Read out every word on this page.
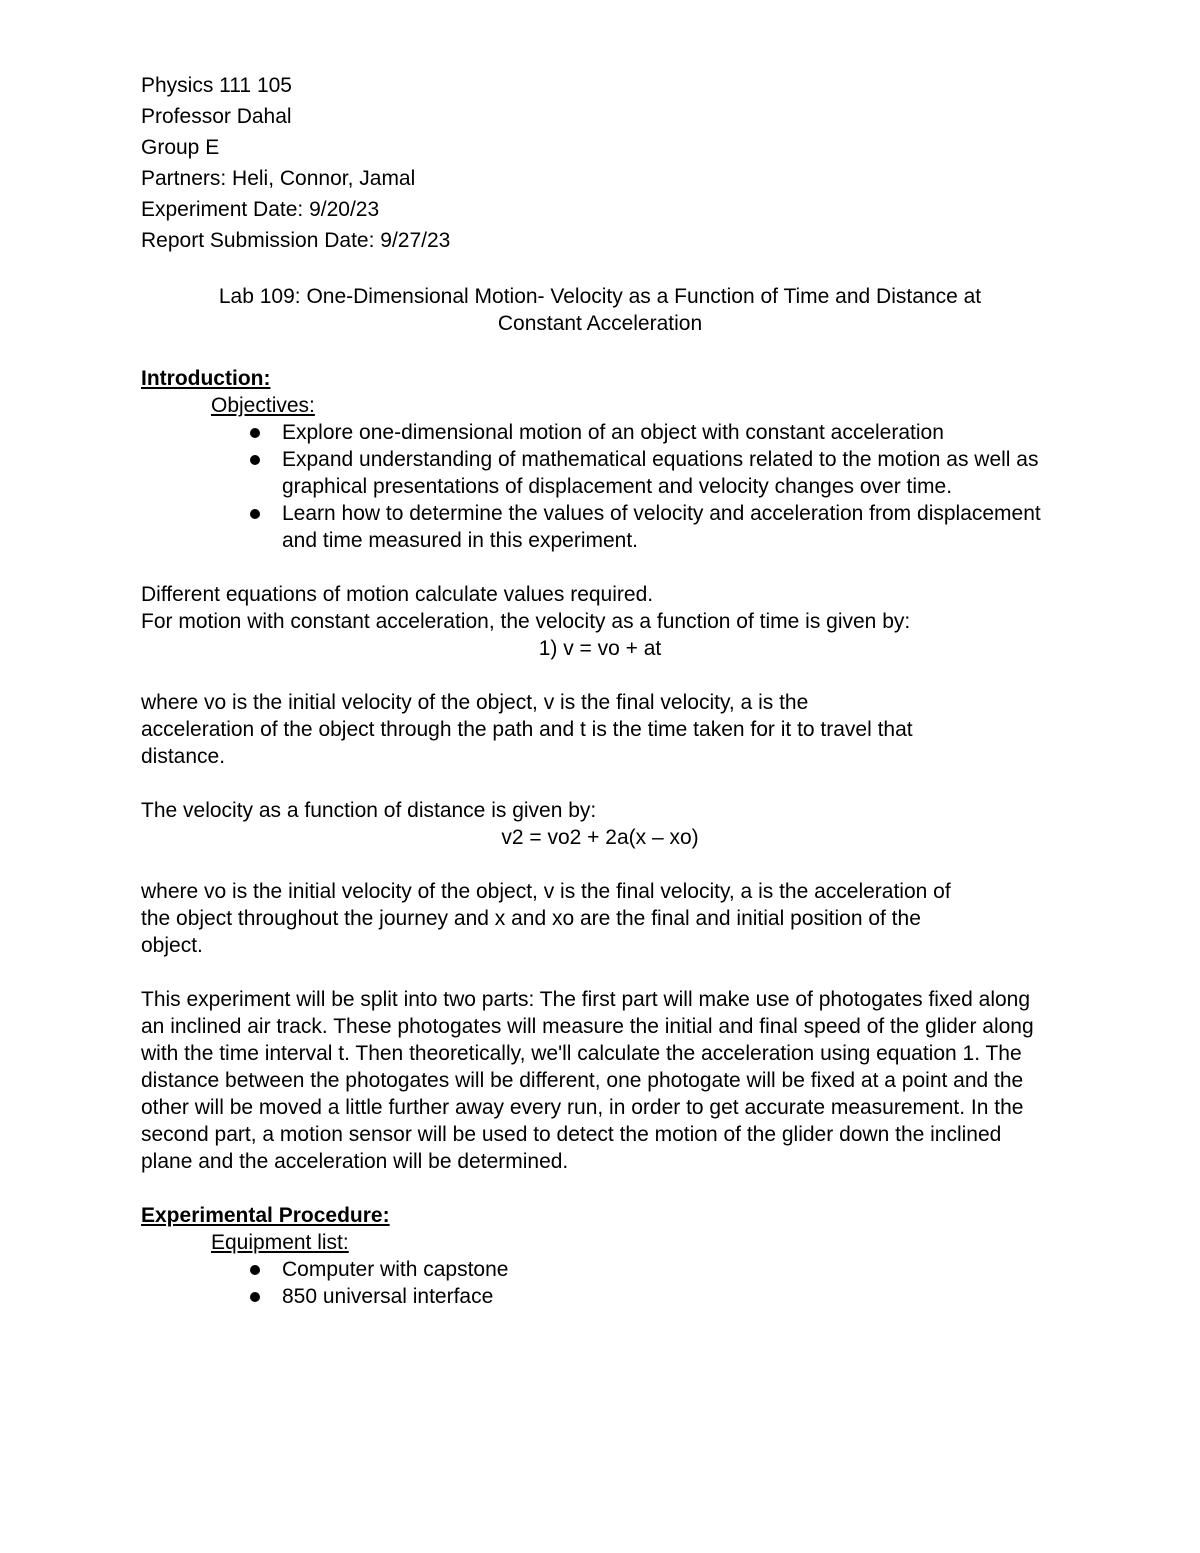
Physics 111 105
Professor Dahal
Group E
Partners: Heli, Connor, Jamal
Experiment Date: 9/20/23
Report Submission Date: 9/27/23
Lab 109: One-Dimensional Motion- Velocity as a Function of Time and Distance at
Constant Acceleration
Introduction:
Objectives:
Explore one-dimensional motion of an object with constant acceleration
Expand understanding of mathematical equations related to the motion as well as graphical presentations of displacement and velocity changes over time.
Learn how to determine the values of velocity and acceleration from displacement and time measured in this experiment.
Different equations of motion calculate values required.
For motion with constant acceleration, the velocity as a function of time is given by:
1) v = vo + at
where vo is the initial velocity of the object, v is the final velocity, a is the acceleration of the object through the path and t is the time taken for it to travel that distance.
The velocity as a function of distance is given by:
v2 = vo2 + 2a(x – xo)
where vo is the initial velocity of the object, v is the final velocity, a is the acceleration of the object throughout the journey and x and xo are the final and initial position of the object.
This experiment will be split into two parts: The first part will make use of photogates fixed along an inclined air track. These photogates will measure the initial and final speed of the glider along with the time interval t. Then theoretically, we'll calculate the acceleration using equation 1. The distance between the photogates will be different, one photogate will be fixed at a point and the other will be moved a little further away every run, in order to get accurate measurement. In the second part, a motion sensor will be used to detect the motion of the glider down the inclined plane and the acceleration will be determined.
Experimental Procedure:
Equipment list:
Computer with capstone
850 universal interface
